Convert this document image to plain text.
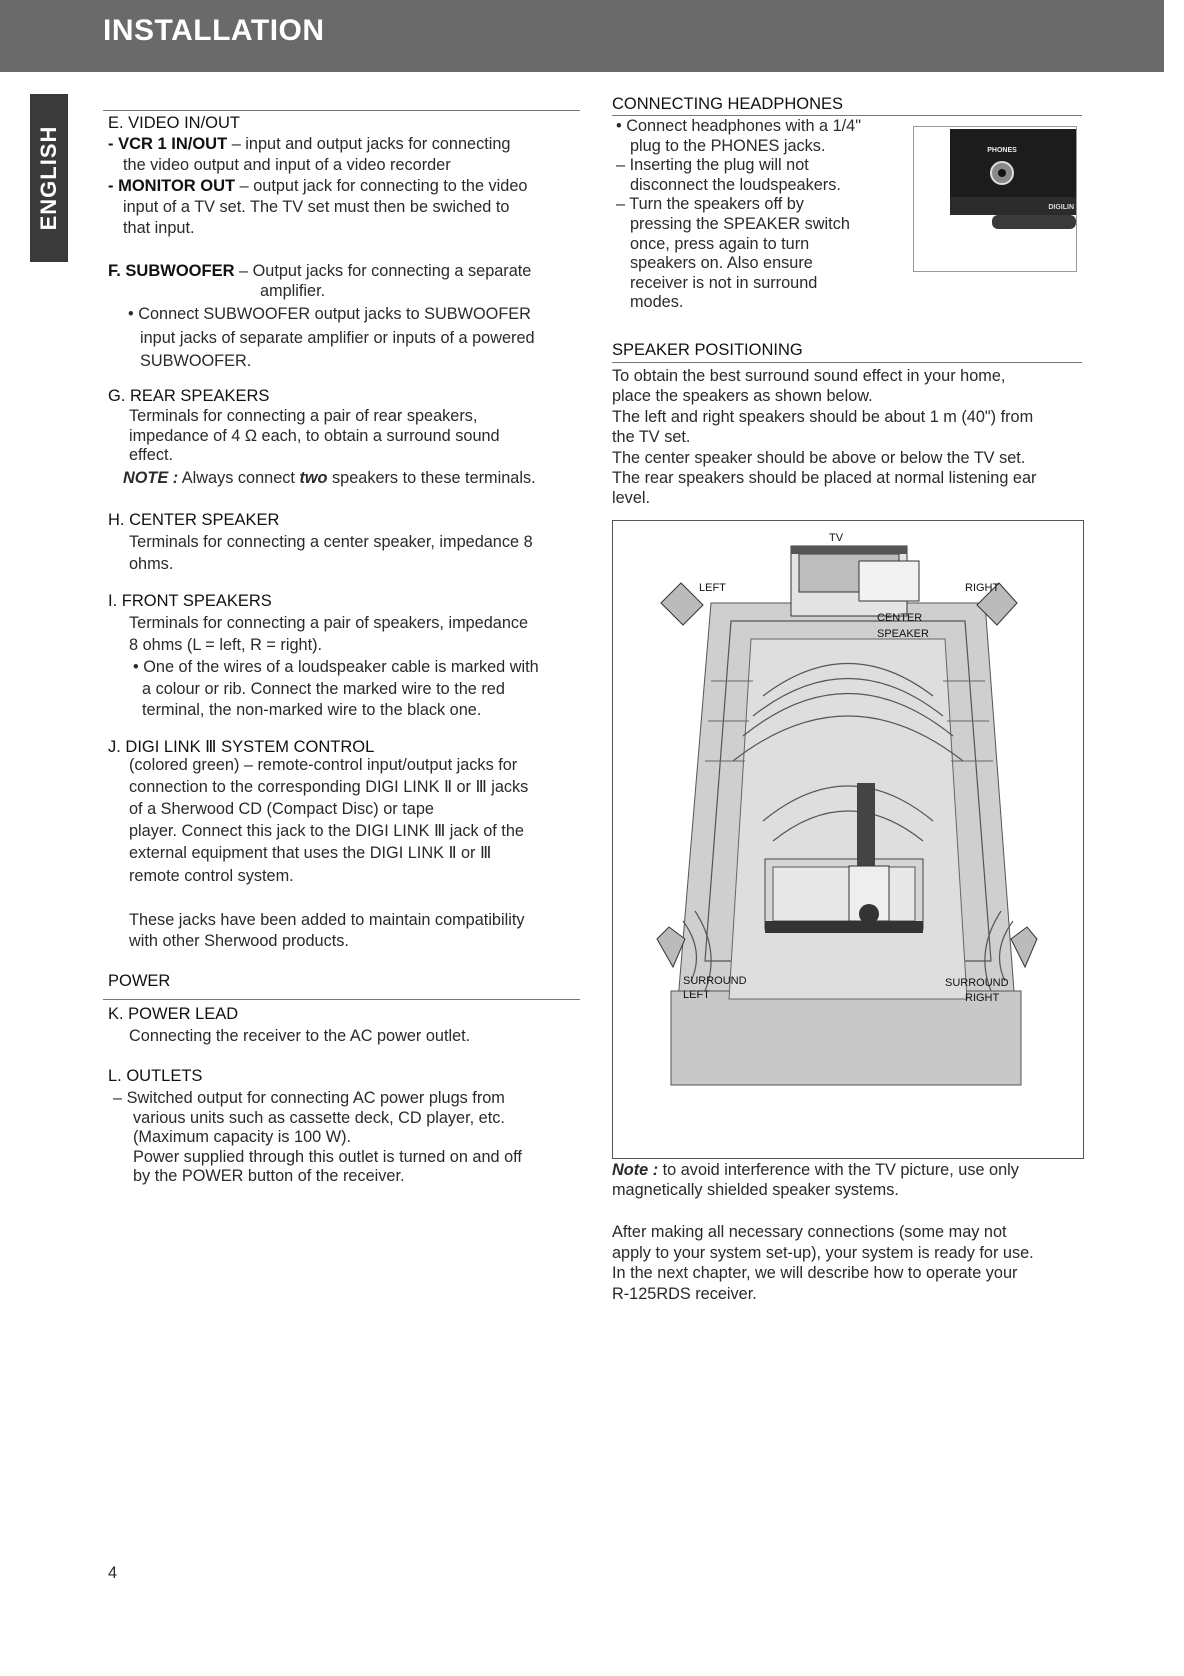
INSTALLATION
ENGLISH
E. VIDEO IN/OUT
- VCR 1 IN/OUT – input and output jacks for connecting
the video output and input of a video recorder
- MONITOR OUT – output jack for connecting to the video
input of a TV set. The TV set must then be swiched to
that input.
F. SUBWOOFER – Output jacks for connecting a separate
amplifier.
• Connect SUBWOOFER output jacks to SUBWOOFER
input jacks of separate amplifier or inputs of a powered
SUBWOOFER.
G. REAR SPEAKERS
Terminals for connecting a pair of rear speakers,
impedance of 4 Ω each, to obtain a surround sound
effect.
NOTE : Always connect two speakers to these terminals.
H. CENTER SPEAKER
Terminals for connecting a center speaker, impedance 8
ohms.
I. FRONT SPEAKERS
Terminals for connecting a pair of speakers, impedance
8 ohms (L = left, R = right).
• One of the wires of a loudspeaker cable is marked with
a colour or rib. Connect the marked wire to the red
terminal, the non-marked wire to the black one.
J. DIGI LINK Ⅲ SYSTEM CONTROL
(colored green) – remote-control input/output jacks for
connection to the corresponding DIGI LINK Ⅱ or Ⅲ jacks
of a Sherwood CD (Compact Disc) or tape
player. Connect this jack to the DIGI LINK Ⅲ jack of the
external equipment that uses the DIGI LINK Ⅱ or Ⅲ
remote control system.
These jacks have been added to maintain compatibility
with other Sherwood products.
POWER
K. POWER LEAD
Connecting the receiver to the AC power outlet.
L. OUTLETS
– Switched output for connecting AC power plugs from
various units such as cassette deck, CD player, etc.
(Maximum capacity is 100 W).
Power supplied through this outlet is turned on and off
by the POWER button of the receiver.
CONNECTING HEADPHONES
• Connect headphones with a 1/4"
plug to the PHONES jacks.
– Inserting the plug will not
disconnect the loudspeakers.
– Turn the speakers off by
pressing the SPEAKER switch
once, press again to turn
speakers on. Also ensure
receiver is not in surround
modes.
PHONES
DIGILIN
SPEAKER POSITIONING
To obtain the best surround sound effect in your home,
place the speakers as shown below.
The left and right speakers should be about 1 m (40") from
the TV set.
The center speaker should be above or below the TV set.
The rear speakers should be placed at normal listening ear
level.
TV
LEFT	RIGHT
CENTER
SPEAKER
SURROUND
LEFT
SURROUND
RIGHT
Note : to avoid interference with the TV picture, use only
magnetically shielded speaker systems.
After making all necessary connections (some may not
apply to your system set-up), your system is ready for use.
In the next chapter, we will describe how to operate your
R-125RDS receiver.
4
